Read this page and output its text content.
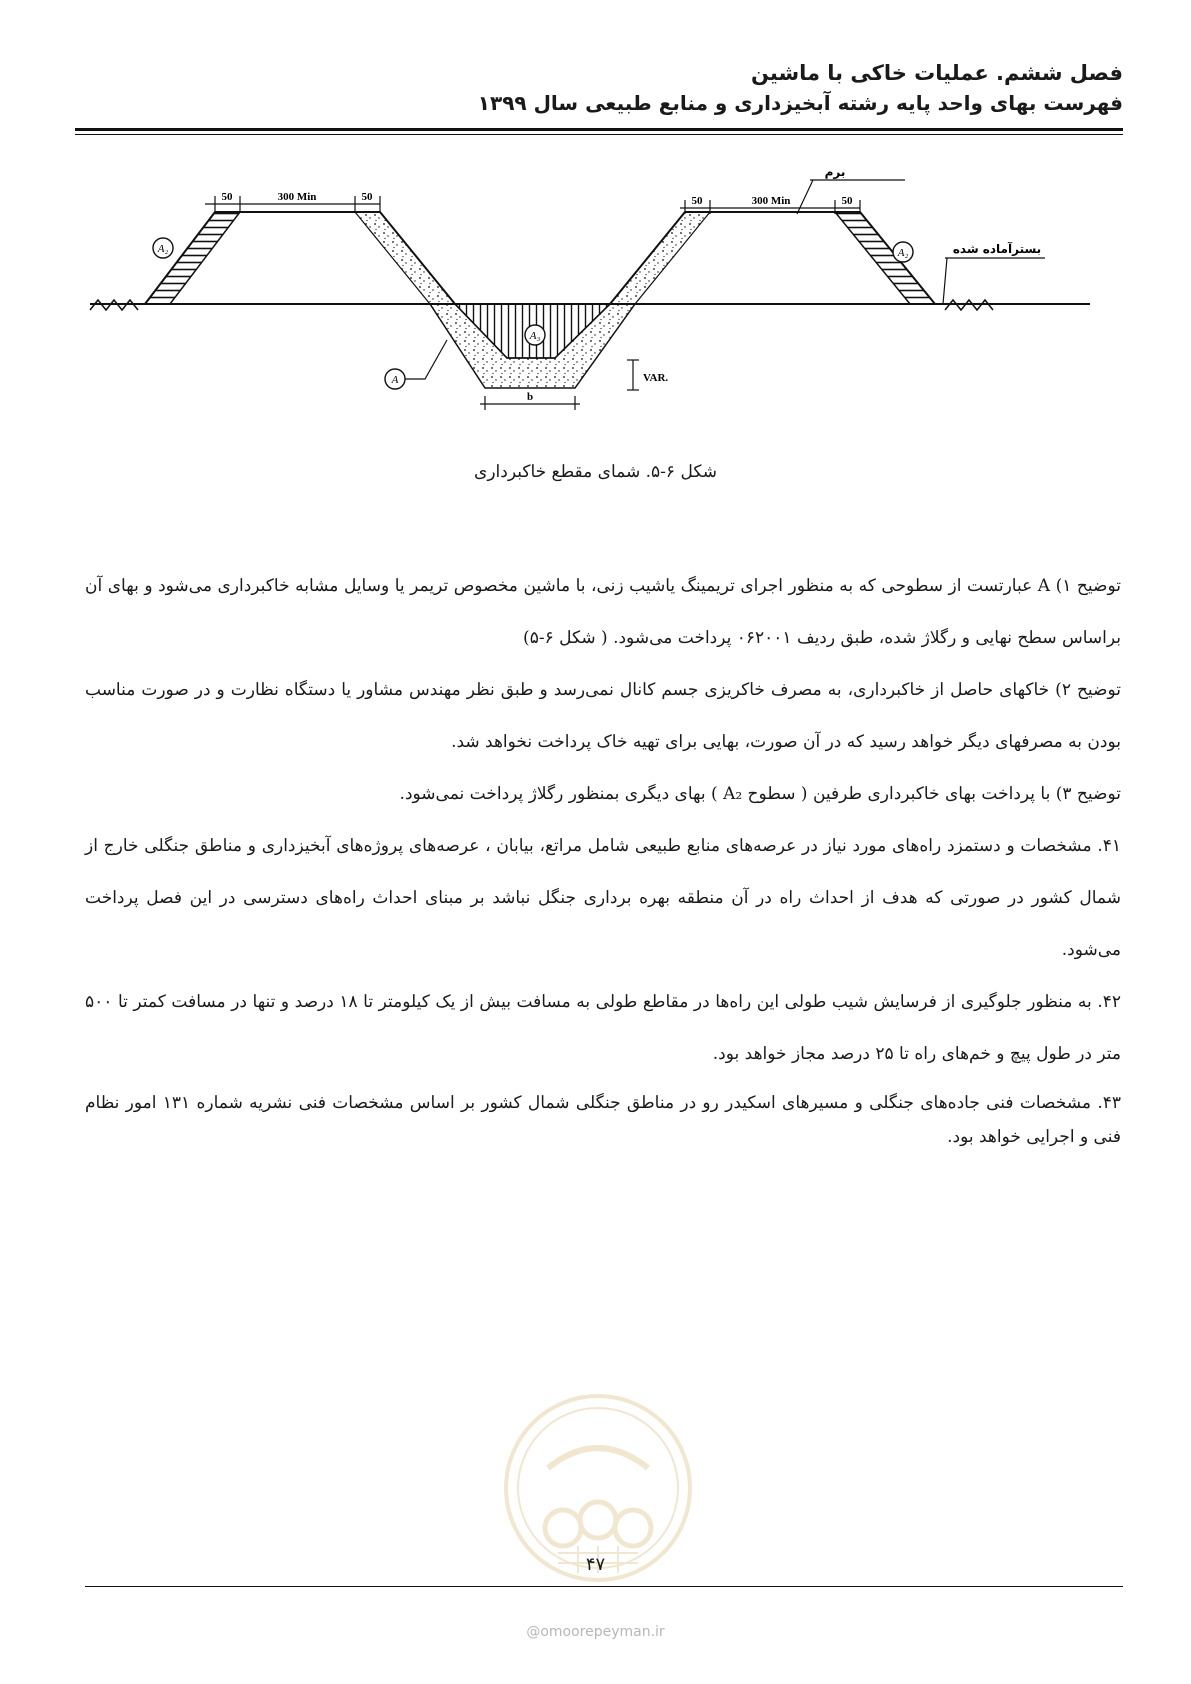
فصل ششم. عملیات خاکی با ماشین
فهرست بهای واحد پایه رشته آبخیزداری و منابع طبیعی سال ۱۳۹۹
50	300 Min	50	50	300 Min	50
برم
بسترآماده شده
A₂	A₂
A₃
A	VAR.
b
شکل ۶-۵. شمای مقطع خاکبرداری

توضیح ۱) A عبارتست از سطوحی که به منظور اجرای تریمینگ یاشیب زنی، با ماشین مخصوص تریمر یا وسایل مشابه خاکبرداری می‌شود و بهای آن براساس سطح نهایی و رگلاژ شده، طبق ردیف ۰۶۲۰۰۱ پرداخت می‌شود. ( شکل ۶-۵)

توضیح ۲) خاکهای حاصل از خاکبرداری، به مصرف خاکریزی جسم کانال نمی‌رسد و طبق نظر مهندس مشاور یا دستگاه نظارت و در صورت مناسب بودن به مصرفهای دیگر خواهد رسید که در آن صورت، بهایی برای تهیه خاک پرداخت نخواهد شد.

توضیح ۳) با پرداخت بهای خاکبرداری طرفین ( سطوح A₂ ) بهای دیگری بمنظور رگلاژ پرداخت نمی‌شود.

۴۱. مشخصات و دستمزد راه‌های مورد نیاز در عرصه‌های منابع طبیعی شامل مراتع، بیابان ، عرصه‌های پروژه‌های آبخیزداری و مناطق جنگلی خارج از شمال کشور در صورتی که هدف از احداث راه در آن منطقه بهره برداری جنگل نباشد بر مبنای احداث راه‌های دسترسی در این فصل پرداخت می‌شود.

۴۲. به منظور جلوگیری از فرسایش شیب طولی این راه‌ها در مقاطع طولی به مسافت بیش از یک کیلومتر تا ۱۸ درصد و تنها در مسافت کمتر تا ۵۰۰ متر در طول پیچ و خم‌های راه تا ۲۵ درصد مجاز خواهد بود.

۴۳. مشخصات فنی جاده‌های جنگلی و مسیرهای اسکیدر رو در مناطق جنگلی شمال کشور بر اساس مشخصات فنی نشریه شماره ۱۳۱ امور نظام فنی و اجرایی خواهد بود.

۴۷
@omoorepeyman.ir
